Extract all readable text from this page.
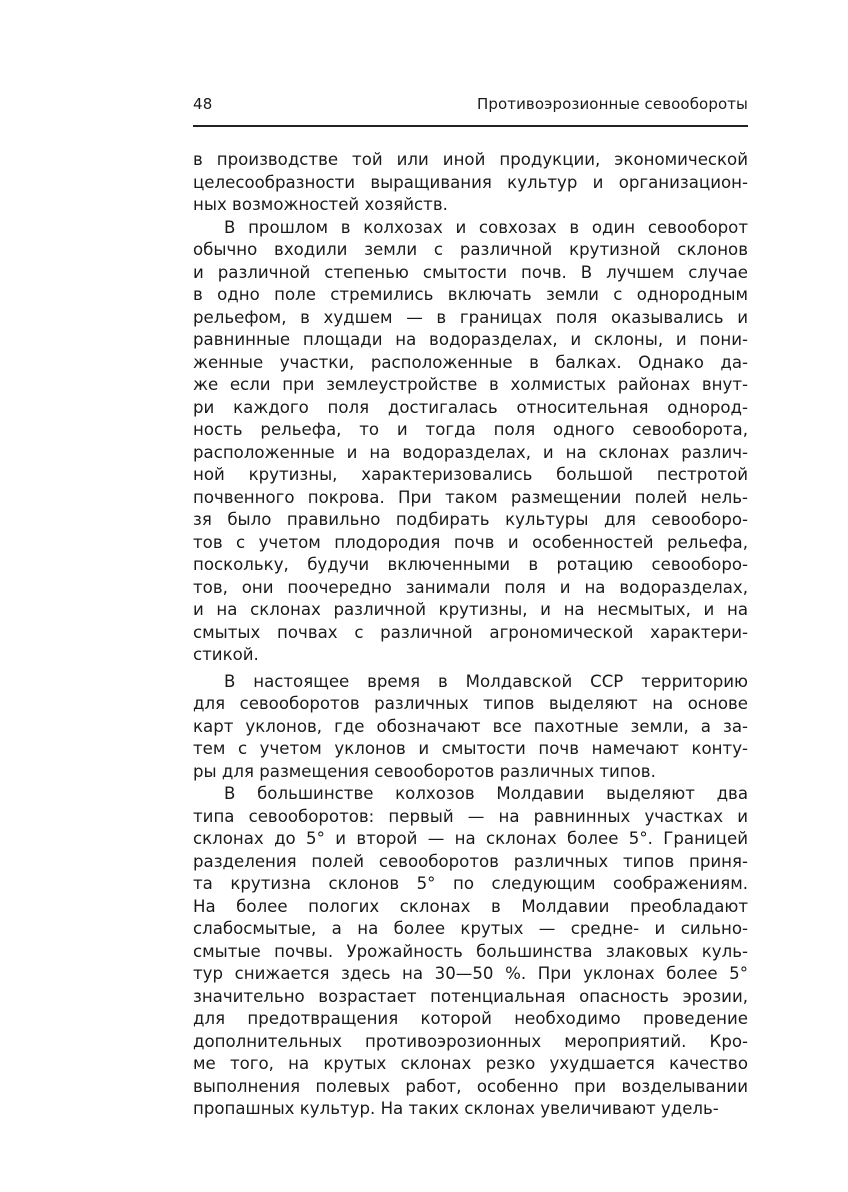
48	Противоэрозионные севообороты
в производстве той или иной продукции, экономической
целесообразности выращивания культур и организацион-
ных возможностей хозяйств.
В прошлом в колхозах и совхозах в один севооборот
обычно входили земли с различной крутизной склонов
и различной степенью смытости почв. В лучшем случае
в одно поле стремились включать земли с однородным
рельефом, в худшем — в границах поля оказывались и
равнинные площади на водоразделах, и склоны, и пони-
женные участки, расположенные в балках. Однако да-
же если при землеустройстве в холмистых районах внут-
ри каждого поля достигалась относительная однород-
ность рельефа, то и тогда поля одного севооборота,
расположенные и на водоразделах, и на склонах различ-
ной крутизны, характеризовались большой пестротой
почвенного покрова. При таком размещении полей нель-
зя было правильно подбирать культуры для севооборо-
тов с учетом плодородия почв и особенностей рельефа,
поскольку, будучи включенными в ротацию севооборо-
тов, они поочередно занимали поля и на водоразделах,
и на склонах различной крутизны, и на несмытых, и на
смытых почвах с различной агрономической характери-
стикой.
В настоящее время в Молдавской ССР территорию
для севооборотов различных типов выделяют на основе
карт уклонов, где обозначают все пахотные земли, а за-
тем с учетом уклонов и смытости почв намечают конту-
ры для размещения севооборотов различных типов.
В большинстве колхозов Молдавии выделяют два
типа севооборотов: первый — на равнинных участках и
склонах до 5° и второй — на склонах более 5°. Границей
разделения полей севооборотов различных типов приня-
та крутизна склонов 5° по следующим соображениям.
На более пологих склонах в Молдавии преобладают
слабосмытые, а на более крутых — средне- и сильно-
смытые почвы. Урожайность большинства злаковых куль-
тур снижается здесь на 30—50 %. При уклонах более 5°
значительно возрастает потенциальная опасность эрозии,
для предотвращения которой необходимо проведение
дополнительных противоэрозионных мероприятий. Кро-
ме того, на крутых склонах резко ухудшается качество
выполнения полевых работ, особенно при возделывании
пропашных культур. На таких склонах увеличивают удель-
